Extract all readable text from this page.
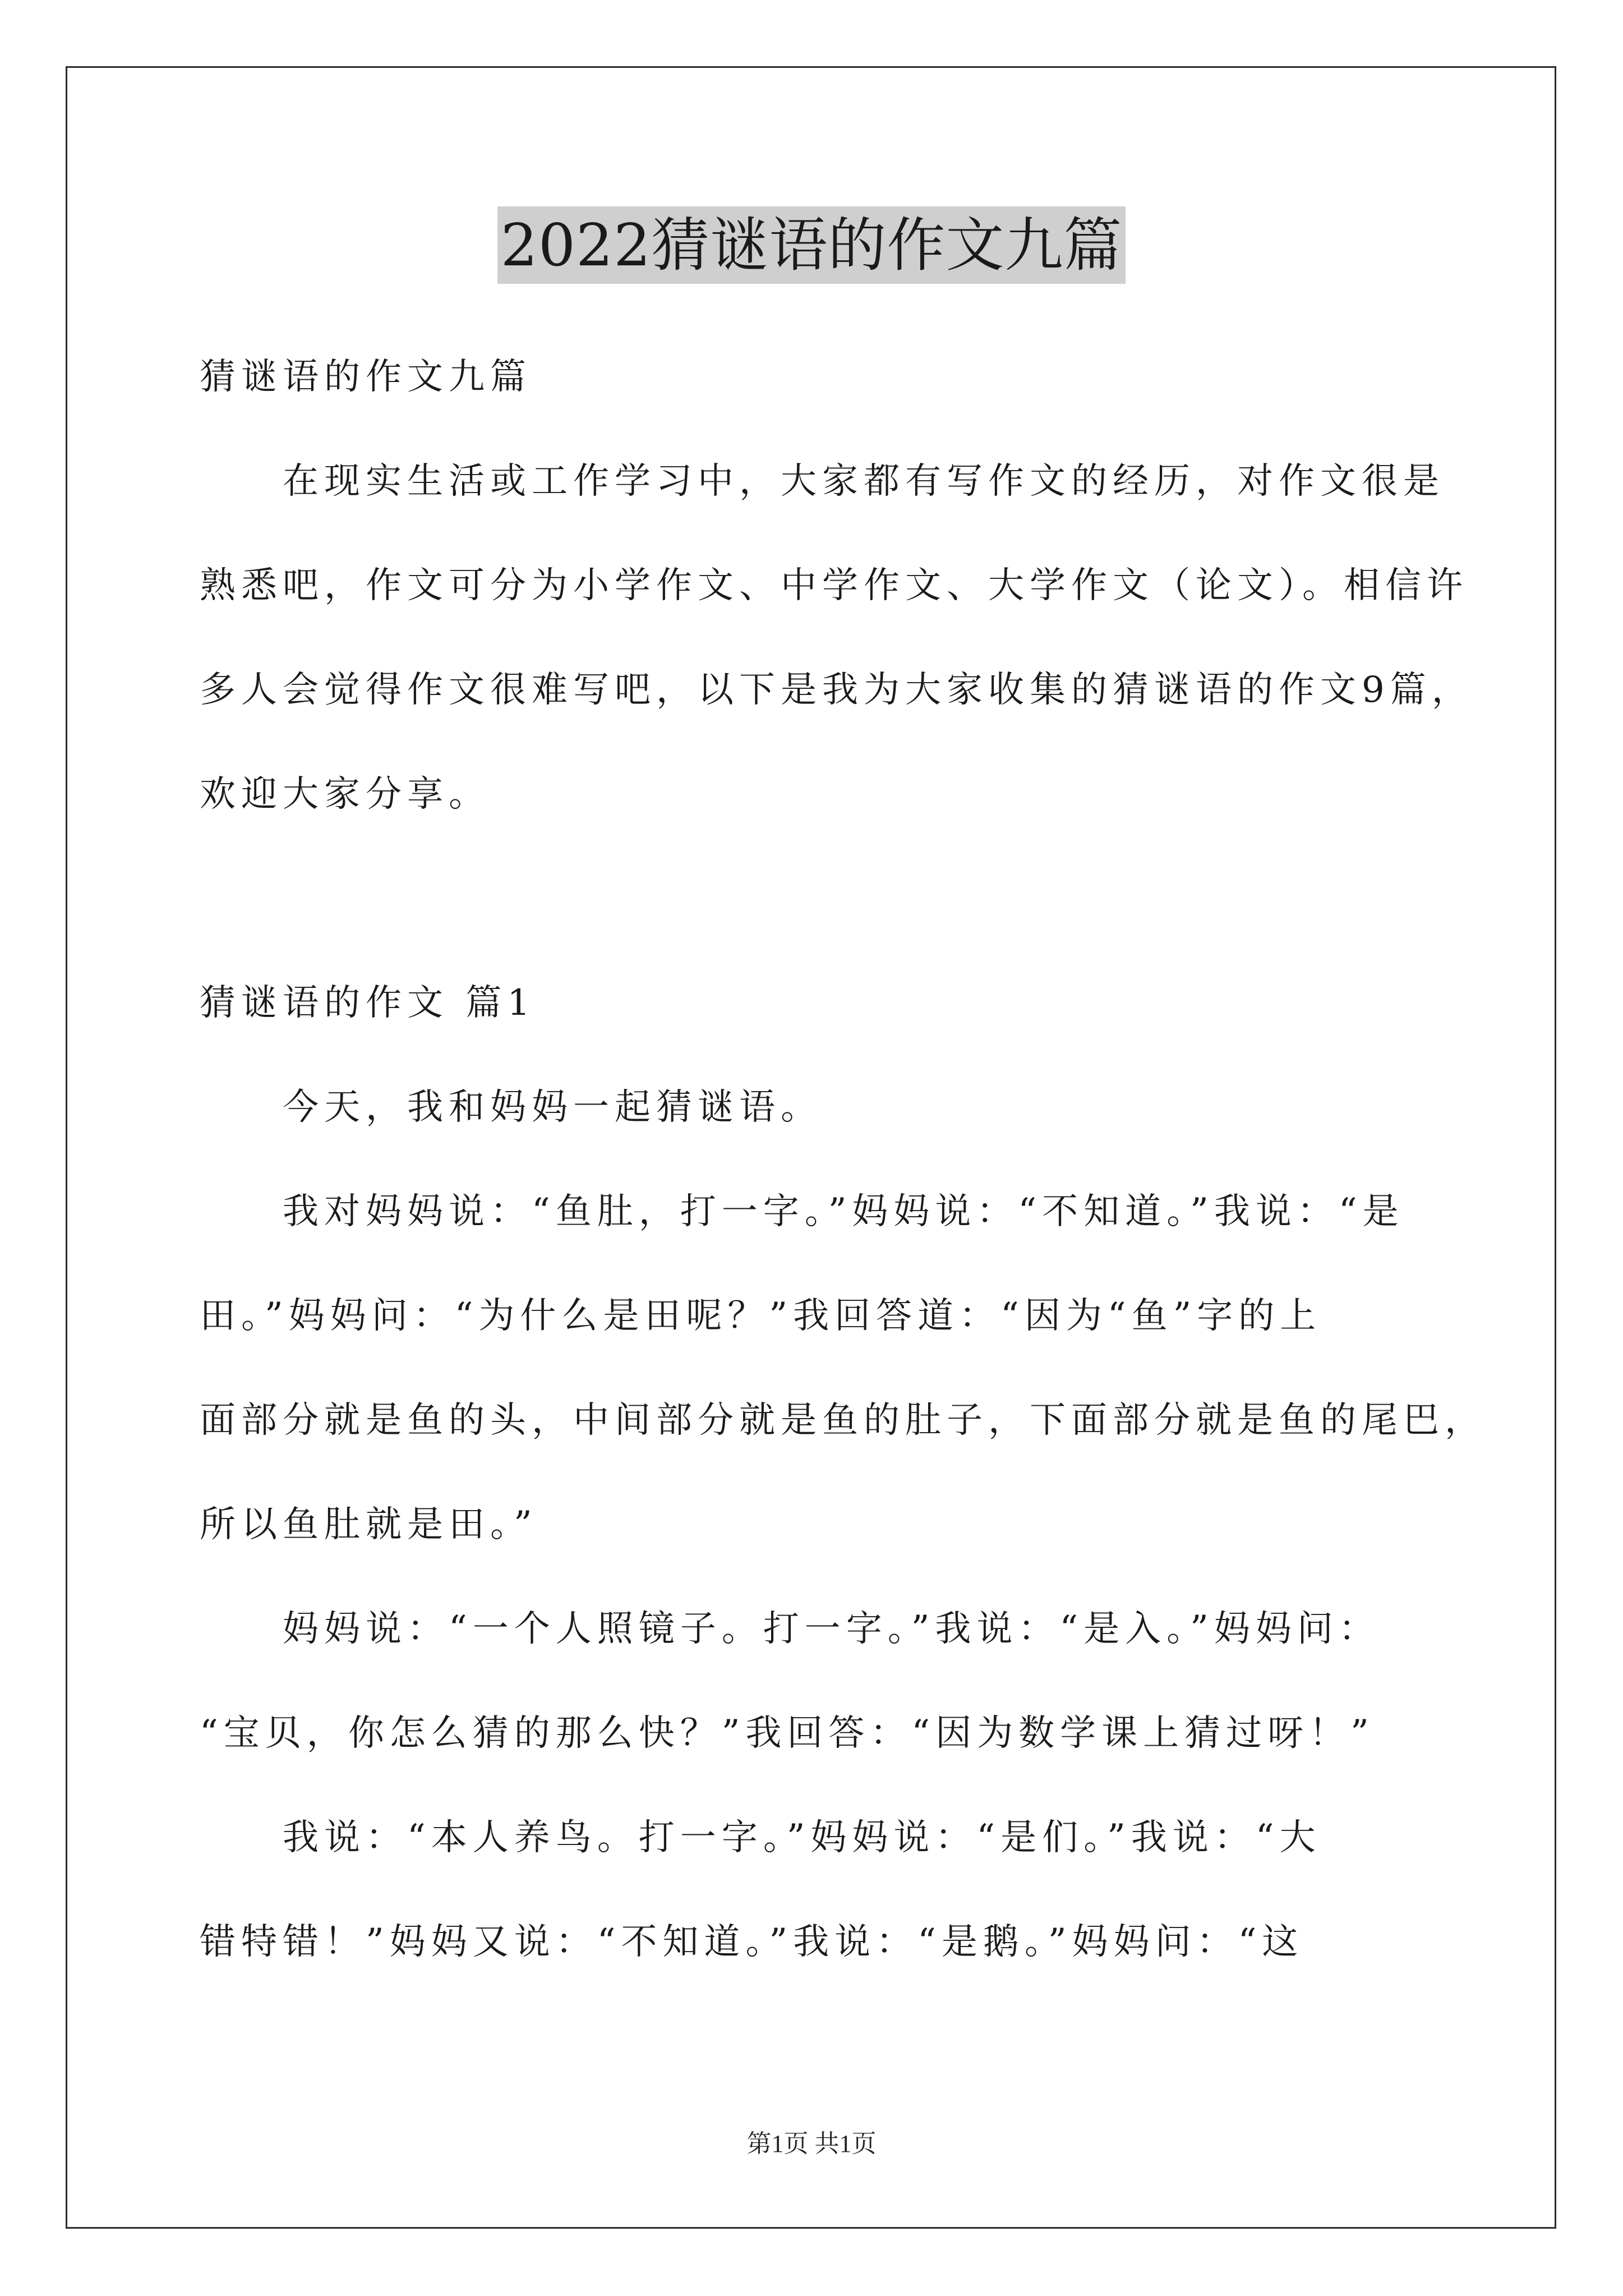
2022猜谜语的作文九篇
猜谜语的作文九篇
在现实生活或工作学习中，大家都有写作文的经历，对作文很是
熟悉吧，作文可分为小学作文、中学作文、大学作文（论文）。相信许
多人会觉得作文很难写吧，以下是我为大家收集的猜谜语的作文9篇，
欢迎大家分享。
猜谜语的作文 篇1
今天，我和妈妈一起猜谜语。
我对妈妈说：“鱼肚，打一字。”妈妈说：“不知道。”我说：“是
田。”妈妈问：“为什么是田呢？”我回答道：“因为“鱼”字的上
面部分就是鱼的头，中间部分就是鱼的肚子，下面部分就是鱼的尾巴，
所以鱼肚就是田。”
妈妈说：“一个人照镜子。打一字。”我说：“是入。”妈妈问：
“宝贝，你怎么猜的那么快？”我回答：“因为数学课上猜过呀！”
我说：“本人养鸟。打一字。”妈妈说：“是们。”我说：“大
错特错！”妈妈又说：“不知道。”我说：“是鹅。”妈妈问：“这
第1页 共1页
